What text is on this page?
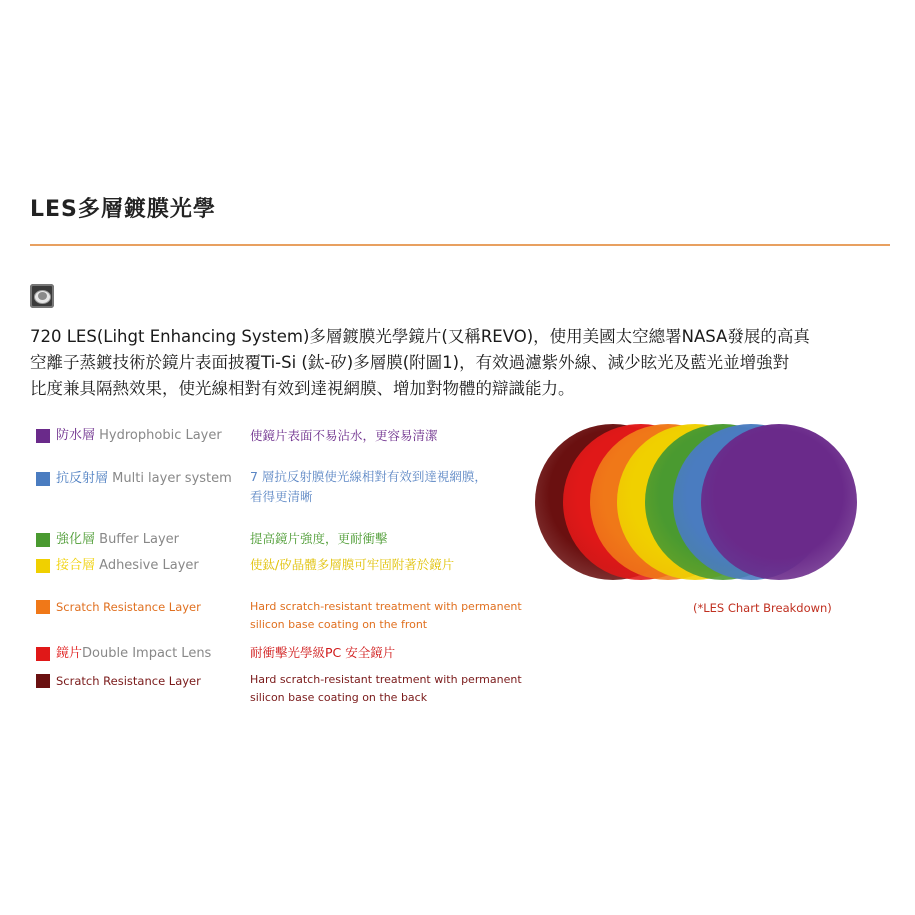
LES多層鍍膜光學
720 LES(Lihgt Enhancing System)多層鍍膜光學鏡片(又稱REVO)，使用美國太空總署NASA發展的高真
空離子蒸鍍技術於鏡片表面披覆Ti-Si (鈦-矽)多層膜(附圖1)，有效過濾紫外線、減少眩光及藍光並增強對
比度兼具隔熱效果，使光線相對有效到達視網膜、增加對物體的辯識能力。
防水層 Hydrophobic Layer 使鏡片表面不易沾水，更容易清潔
抗反射層 Multi layer system 7 層抗反射膜使光線相對有效到達視網膜，
看得更清晰
強化層 Buffer Layer	提高鏡片強度，更耐衝擊
接合層 Adhesive Layer	使鈦/矽晶體多層膜可牢固附著於鏡片
Scratch Resistance Layer	Hard scratch-resistant treatment with permanent
silicon base coating on the front
鏡片Double Impact Lens	耐衝擊光學級PC 安全鏡片
Scratch Resistance Layer	Hard scratch-resistant treatment with permanent
silicon base coating on the back
(*LES Chart Breakdown)
